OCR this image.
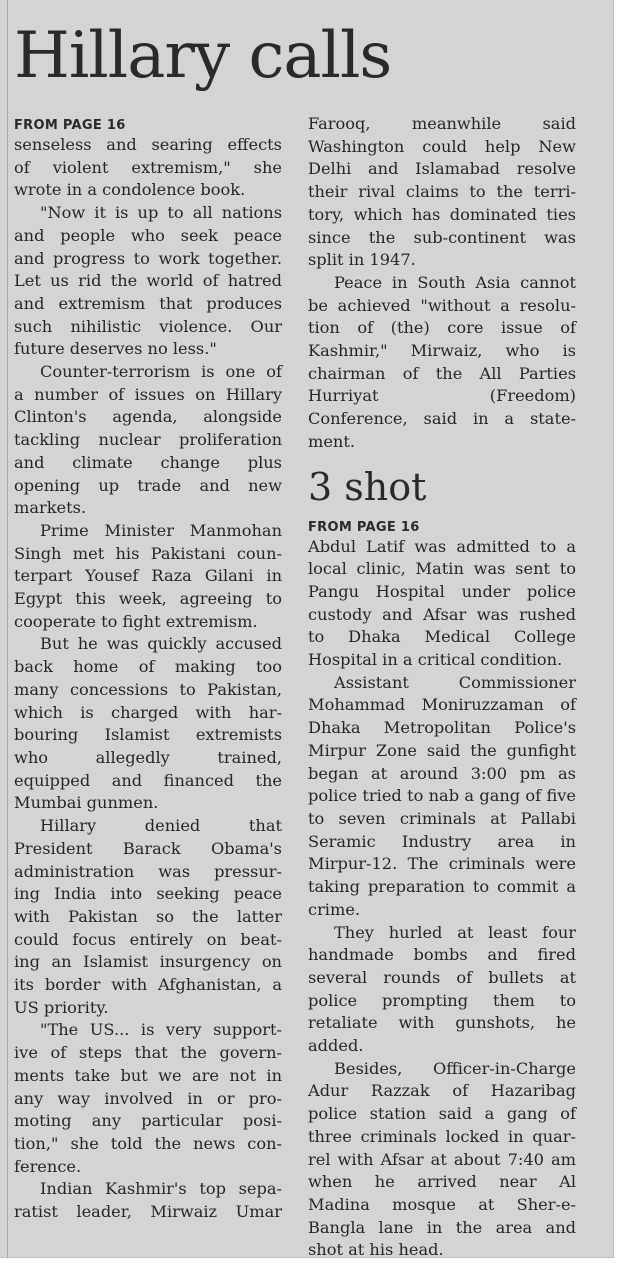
Hillary calls
FROM PAGE 16
senseless and searing effects
of violent extremism," she
wrote in a condolence book.
"Now it is up to all nations
and people who seek peace
and progress to work together.
Let us rid the world of hatred
and extremism that produces
such nihilistic violence. Our
future deserves no less."
Counter-terrorism is one of
a number of issues on Hillary
Clinton's agenda, alongside
tackling nuclear proliferation
and climate change plus
opening up trade and new
markets.
Prime Minister Manmohan
Singh met his Pakistani coun-
terpart Yousef Raza Gilani in
Egypt this week, agreeing to
cooperate to fight extremism.
But he was quickly accused
back home of making too
many concessions to Pakistan,
which is charged with har-
bouring Islamist extremists
who allegedly trained,
equipped and financed the
Mumbai gunmen.
Hillary denied that
President Barack Obama's
administration was pressur-
ing India into seeking peace
with Pakistan so the latter
could focus entirely on beat-
ing an Islamist insurgency on
its border with Afghanistan, a
US priority.
"The US... is very support-
ive of steps that the govern-
ments take but we are not in
any way involved in or pro-
moting any particular posi-
tion," she told the news con-
ference.
Indian Kashmir's top sepa-
ratist leader, Mirwaiz Umar
Farooq, meanwhile said
Washington could help New
Delhi and Islamabad resolve
their rival claims to the terri-
tory, which has dominated ties
since the sub-continent was
split in 1947.
Peace in South Asia cannot
be achieved "without a resolu-
tion of (the) core issue of
Kashmir," Mirwaiz, who is
chairman of the All Parties
Hurriyat (Freedom)
Conference, said in a state-
ment.
3 shot
FROM PAGE 16
Abdul Latif was admitted to a
local clinic, Matin was sent to
Pangu Hospital under police
custody and Afsar was rushed
to Dhaka Medical College
Hospital in a critical condition.
Assistant Commissioner
Mohammad Moniruzzaman of
Dhaka Metropolitan Police's
Mirpur Zone said the gunfight
began at around 3:00 pm as
police tried to nab a gang of five
to seven criminals at Pallabi
Seramic Industry area in
Mirpur-12. The criminals were
taking preparation to commit a
crime.
They hurled at least four
handmade bombs and fired
several rounds of bullets at
police prompting them to
retaliate with gunshots, he
added.
Besides, Officer-in-Charge
Adur Razzak of Hazaribag
police station said a gang of
three criminals locked in quar-
rel with Afsar at about 7:40 am
when he arrived near Al
Madina mosque at Sher-e-
Bangla lane in the area and
shot at his head.
